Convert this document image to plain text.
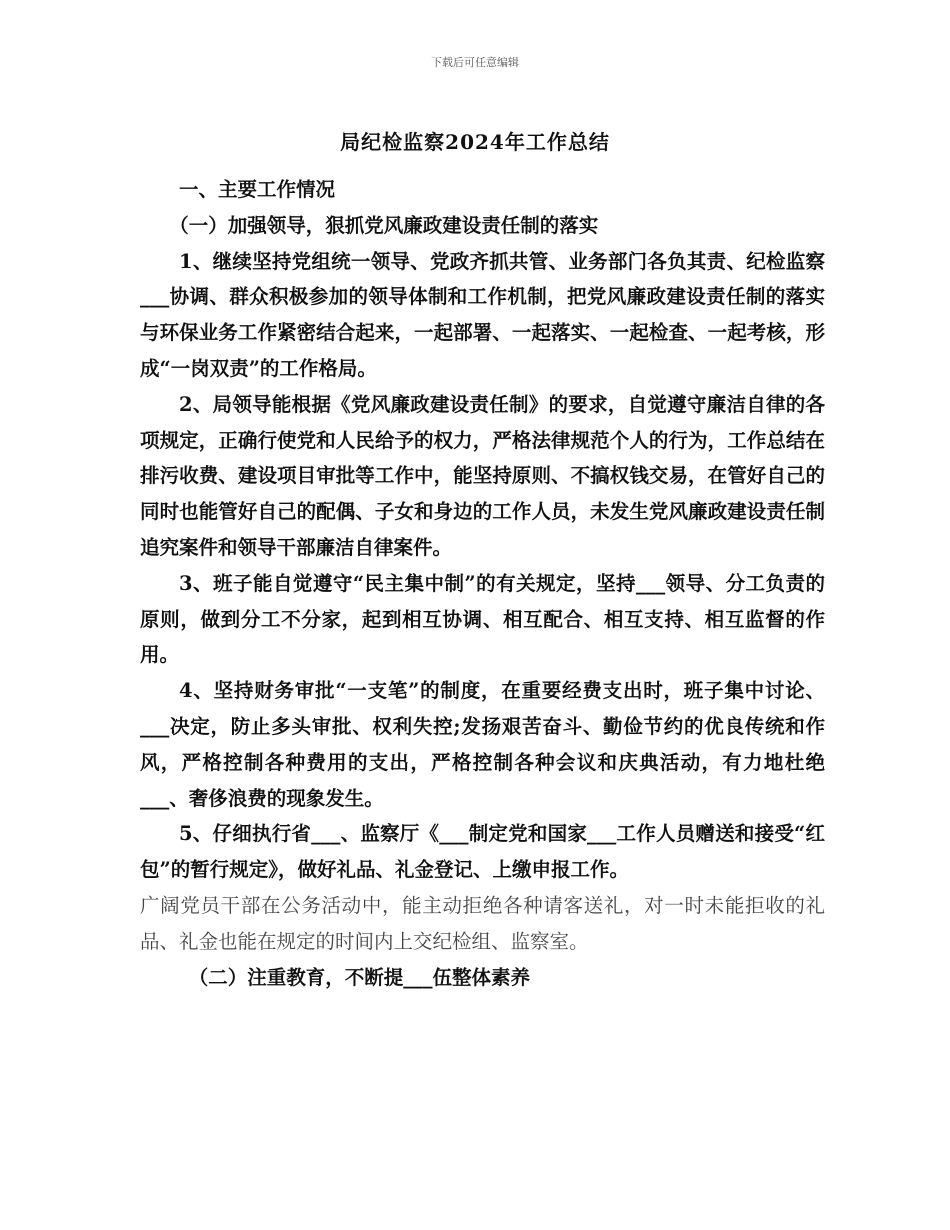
下载后可任意编辑
局纪检监察2024年工作总结

一、主要工作情况

（一）加强领导，狠抓党风廉政建设责任制的落实

1、继续坚持党组统一领导、党政齐抓共管、业务部门各负其责、纪检监察___协调、群众积极参加的领导体制和工作机制，把党风廉政建设责任制的落实与环保业务工作紧密结合起来，一起部署、一起落实、一起检查、一起考核，形成“一岗双责”的工作格局。

2、局领导能根据《党风廉政建设责任制》的要求，自觉遵守廉洁自律的各项规定，正确行使党和人民给予的权力，严格法律规范个人的行为，工作总结在排污收费、建设项目审批等工作中，能坚持原则、不搞权钱交易，在管好自己的同时也能管好自己的配偶、子女和身边的工作人员，未发生党风廉政建设责任制追究案件和领导干部廉洁自律案件。

3、班子能自觉遵守“民主集中制”的有关规定，坚持___领导、分工负责的原则，做到分工不分家，起到相互协调、相互配合、相互支持、相互监督的作用。

4、坚持财务审批“一支笔”的制度，在重要经费支出时，班子集中讨论、___决定，防止多头审批、权利失控;发扬艰苦奋斗、勤俭节约的优良传统和作风，严格控制各种费用的支出，严格控制各种会议和庆典活动，有力地杜绝___、奢侈浪费的现象发生。

5、仔细执行省___、监察厅《___制定党和国家___工作人员赠送和接受“红包”的暂行规定》，做好礼品、礼金登记、上缴申报工作。

广阔党员干部在公务活动中，能主动拒绝各种请客送礼，对一时未能拒收的礼品、礼金也能在规定的时间内上交纪检组、监察室。

（二）注重教育，不断提___伍整体素养
